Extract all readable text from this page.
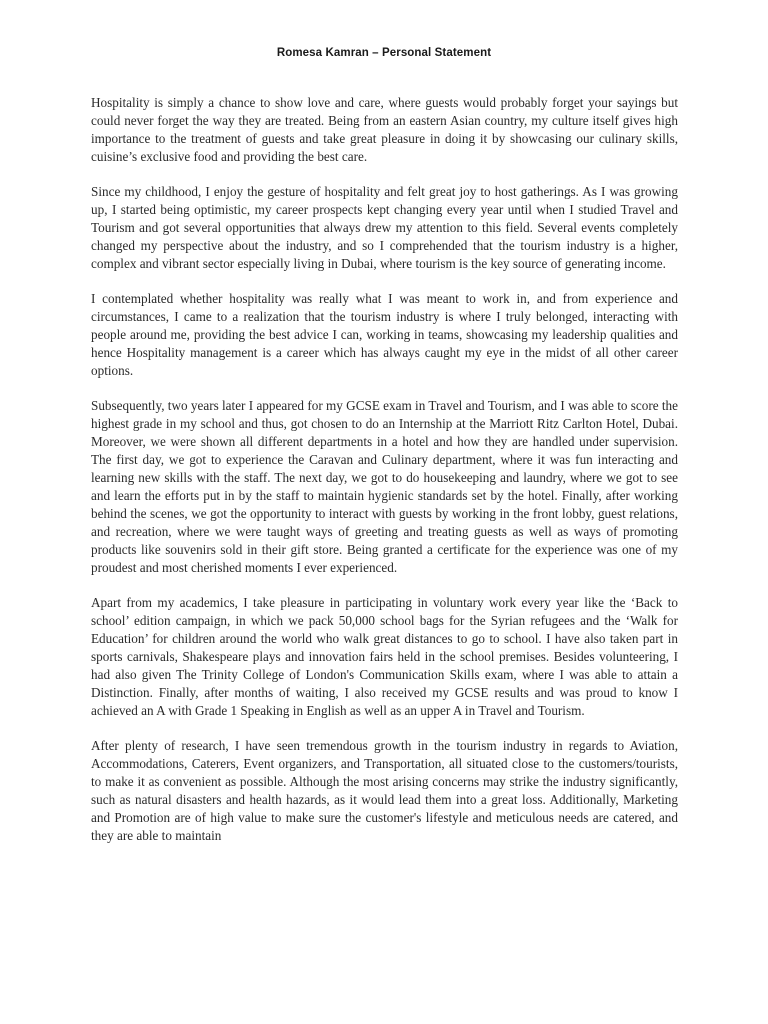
Romesa Kamran – Personal Statement

Hospitality is simply a chance to show love and care, where guests would probably forget your sayings but could never forget the way they are treated. Being from an eastern Asian country, my culture itself gives high importance to the treatment of guests and take great pleasure in doing it by showcasing our culinary skills, cuisine’s exclusive food and providing the best care.

Since my childhood, I enjoy the gesture of hospitality and felt great joy to host gatherings. As I was growing up, I started being optimistic, my career prospects kept changing every year until when I studied Travel and Tourism and got several opportunities that always drew my attention to this field. Several events completely changed my perspective about the industry, and so I comprehended that the tourism industry is a higher, complex and vibrant sector especially living in Dubai, where tourism is the key source of generating income.

I contemplated whether hospitality was really what I was meant to work in, and from experience and circumstances, I came to a realization that the tourism industry is where I truly belonged, interacting with people around me, providing the best advice I can, working in teams, showcasing my leadership qualities and hence Hospitality management is a career which has always caught my eye in the midst of all other career options.

Subsequently, two years later I appeared for my GCSE exam in Travel and Tourism, and I was able to score the highest grade in my school and thus, got chosen to do an Internship at the Marriott Ritz Carlton Hotel, Dubai. Moreover, we were shown all different departments in a hotel and how they are handled under supervision. The first day, we got to experience the Caravan and Culinary department, where it was fun interacting and learning new skills with the staff. The next day, we got to do housekeeping and laundry, where we got to see and learn the efforts put in by the staff to maintain hygienic standards set by the hotel. Finally, after working behind the scenes, we got the opportunity to interact with guests by working in the front lobby, guest relations, and recreation, where we were taught ways of greeting and treating guests as well as ways of promoting products like souvenirs sold in their gift store. Being granted a certificate for the experience was one of my proudest and most cherished moments I ever experienced.

Apart from my academics, I take pleasure in participating in voluntary work every year like the ‘Back to school’ edition campaign, in which we pack 50,000 school bags for the Syrian refugees and the ‘Walk for Education’ for children around the world who walk great distances to go to school. I have also taken part in sports carnivals, Shakespeare plays and innovation fairs held in the school premises. Besides volunteering, I had also given The Trinity College of London's Communication Skills exam, where I was able to attain a Distinction. Finally, after months of waiting, I also received my GCSE results and was proud to know I achieved an A with Grade 1 Speaking in English as well as an upper A in Travel and Tourism.

After plenty of research, I have seen tremendous growth in the tourism industry in regards to Aviation, Accommodations, Caterers, Event organizers, and Transportation, all situated close to the customers/tourists, to make it as convenient as possible. Although the most arising concerns may strike the industry significantly, such as natural disasters and health hazards, as it would lead them into a great loss. Additionally, Marketing and Promotion are of high value to make sure the customer's lifestyle and meticulous needs are catered, and they are able to maintain
